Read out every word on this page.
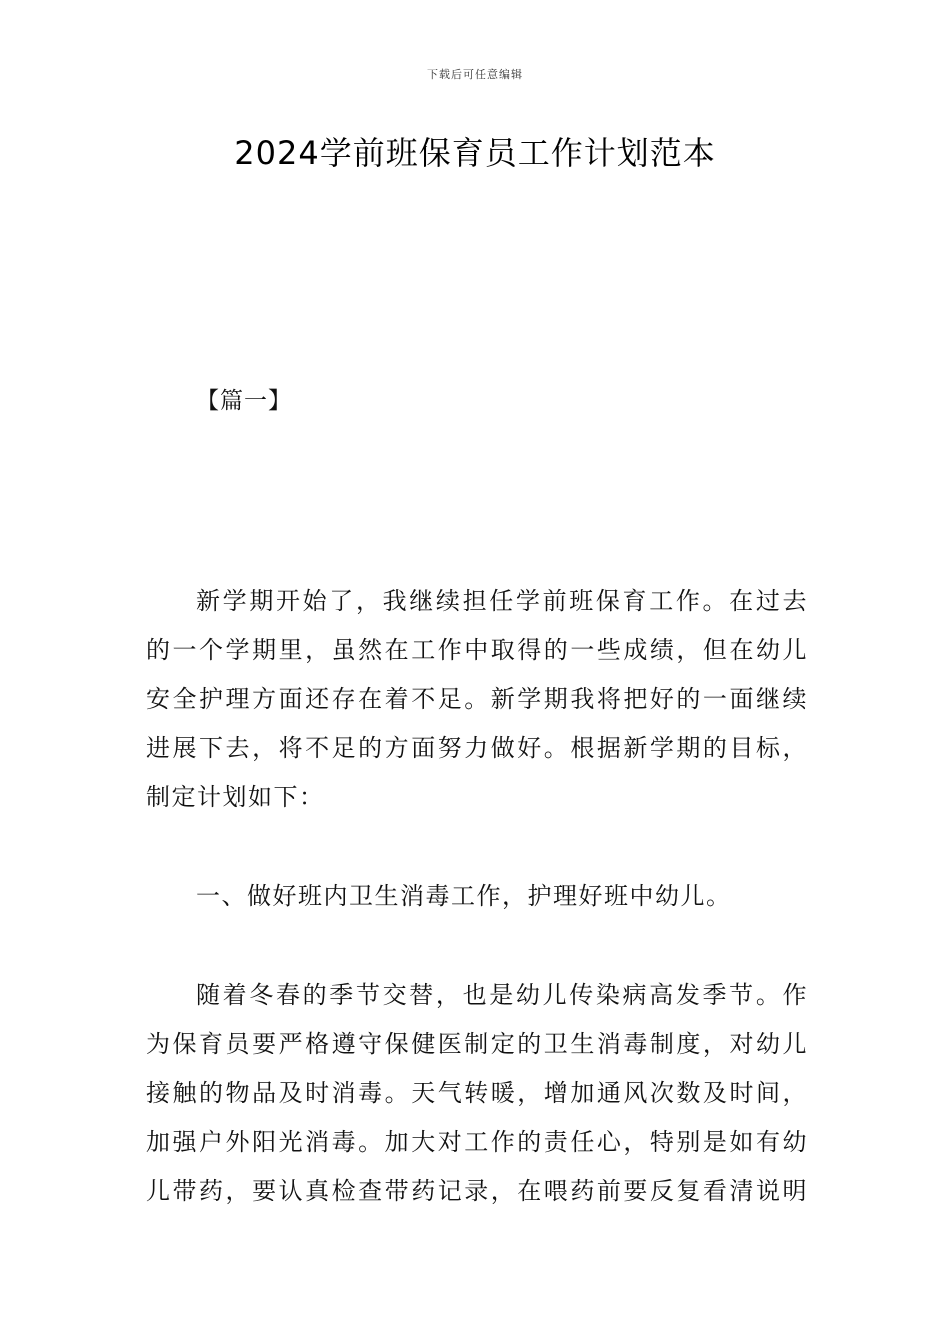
下载后可任意编辑
2024学前班保育员工作计划范本
【篇一】
新学期开始了，我继续担任学前班保育工作。在过去
的一个学期里，虽然在工作中取得的一些成绩，但在幼儿
安全护理方面还存在着不足。新学期我将把好的一面继续
进展下去，将不足的方面努力做好。根据新学期的目标，
制定计划如下：
一、做好班内卫生消毒工作，护理好班中幼儿。
随着冬春的季节交替，也是幼儿传染病高发季节。作
为保育员要严格遵守保健医制定的卫生消毒制度，对幼儿
接触的物品及时消毒。天气转暖，增加通风次数及时间，
加强户外阳光消毒。加大对工作的责任心，特别是如有幼
儿带药，要认真检查带药记录，在喂药前要反复看清说明
